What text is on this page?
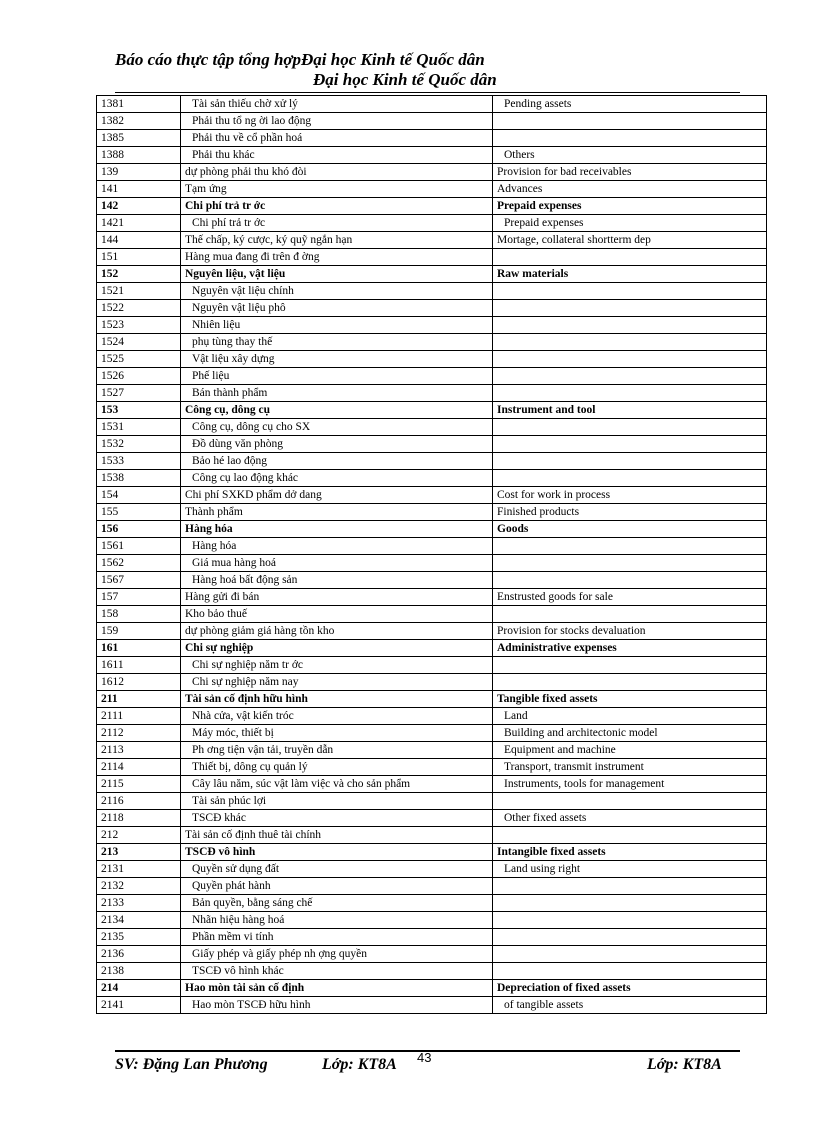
Báo cáo thực tập tổng hợpĐại học Kinh tế Quốc dân
Đại học Kinh tế Quốc dân
1381	Tài sản thiếu chờ xử lý	Pending assets
1382	Phải thu tổ ng ời lao động	
1385	Phải thu về cổ phần hoá	
1388	Phải thu khác	Others
139	dự phòng phải thu khó đòi	Provision for bad receivables
141	Tạm ứng	Advances
142	Chi phí trả tr ớc	Prepaid expenses
1421	Chi phí trả tr ớc	Prepaid expenses
144	Thế chấp, ký cược, ký quỹ ngắn hạn	Mortage, collateral shortterm dep
151	Hàng mua đang đi trên đ ờng	
152	Nguyên liệu, vật liệu	Raw materials
1521	Nguyên vật liệu chính	
1522	Nguyên vật liệu phô	
1523	Nhiên liệu	
1524	phụ tùng thay thế	
1525	Vật liệu xây dựng	
1526	Phế liệu	
1527	Bán thành phẩm	
153	Công cụ, dông cụ	Instrument and tool
1531	Công cụ, dông cụ cho SX	
1532	Đồ dùng văn phòng	
1533	Bảo hé lao động	
1538	Công cụ lao động khác	
154	Chi phí SXKD phẩm dở dang	Cost for work in process
155	Thành phẩm	Finished products
156	Hàng hóa	Goods
1561	Hàng hóa	
1562	Giá mua hàng hoá	
1567	Hàng hoá bất động sản	
157	Hàng gửi đi bán	Enstrusted goods for sale
158	Kho bảo thuế	
159	dự phòng giảm giá hàng tồn kho	Provision for stocks devaluation
161	Chi sự nghiệp	Administrative expenses
1611	Chi sự nghiệp năm tr ớc	
1612	Chi sự nghiệp năm nay	
211	Tài sản cố định hữu hình	Tangible fixed assets
2111	Nhà cửa, vật kiến tróc	Land
2112	Máy móc, thiết bị	Building and architectonic model
2113	Ph ơng tiện vận tải, truyền dẫn	Equipment and machine
2114	Thiết bị, dông cụ quản lý	Transport, transmit instrument
2115	Cây lâu năm, súc vật làm việc và cho sản phẩm	Instruments, tools for management
2116	Tài sản phúc lợi	
2118	TSCĐ khác	Other fixed assets
212	Tài sản cố định thuê tài chính	
213	TSCĐ vô hình	Intangible fixed assets
2131	Quyền sử dụng đất	Land using right
2132	Quyền phát hành	
2133	Bản quyền, bằng sáng chế	
2134	Nhãn hiệu hàng hoá	
2135	Phần mềm vi tính	
2136	Giấy phép và giấy phép nh ợng quyền	
2138	TSCĐ vô hình khác	
214	Hao mòn tài sản cố định	Depreciation of fixed assets
2141	Hao mòn TSCĐ hữu hình	of tangible assets
SV: Đặng Lan Phương	Lớp: KT8A 43	Lớp: KT8A
